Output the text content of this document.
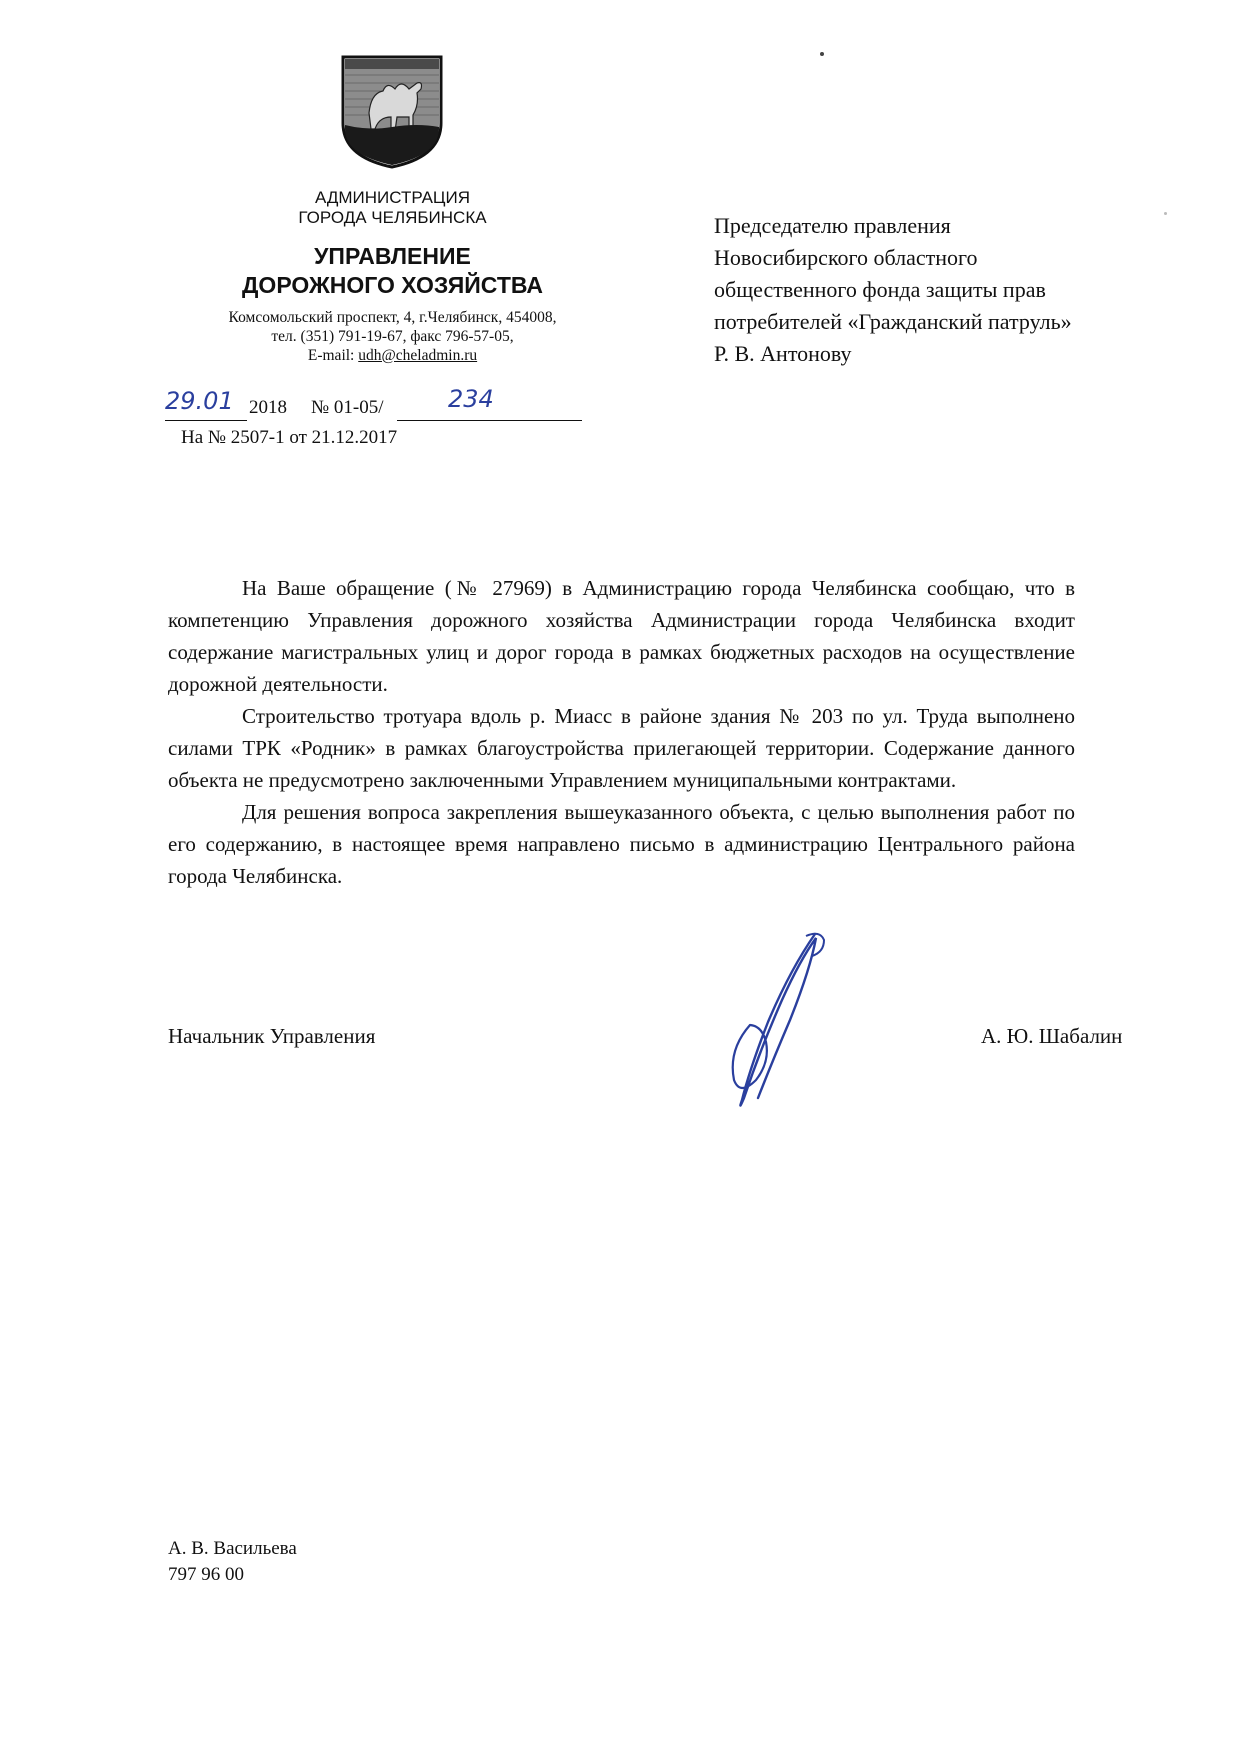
АДМИНИСТРАЦИЯ
ГОРОДА ЧЕЛЯБИНСКА
УПРАВЛЕНИЕ
ДОРОЖНОГО ХОЗЯЙСТВА
Комсомольский проспект, 4, г.Челябинск, 454008,
тел. (351) 791-19-67, факс 796-57-05,
E-mail: udh@cheladmin.ru
29.01 2018 № 01-05/	234
На № 2507-1 от 21.12.2017
Председателю правления
Новосибирского областного
общественного фонда защиты прав
потребителей «Гражданский патруль»
Р. В. Антонову

На Ваше обращение (№ 27969) в Администрацию города Челябинска сообщаю, что в компетенцию Управления дорожного хозяйства Администрации города Челябинска входит содержание магистральных улиц и дорог города в рамках бюджетных расходов на осуществление дорожной деятельности.

Строительство тротуара вдоль р. Миасс в районе здания № 203 по ул. Труда выполнено силами ТРК «Родник» в рамках благоустройства прилегающей территории. Содержание данного объекта не предусмотрено заключенными Управлением муниципальными контрактами.

Для решения вопроса закрепления вышеуказанного объекта, с целью выполнения работ по его содержанию, в настоящее время направлено письмо в администрацию Центрального района города Челябинска.

Начальник Управления	А. Ю. Шабалин
А. В. Васильева
797 96 00
